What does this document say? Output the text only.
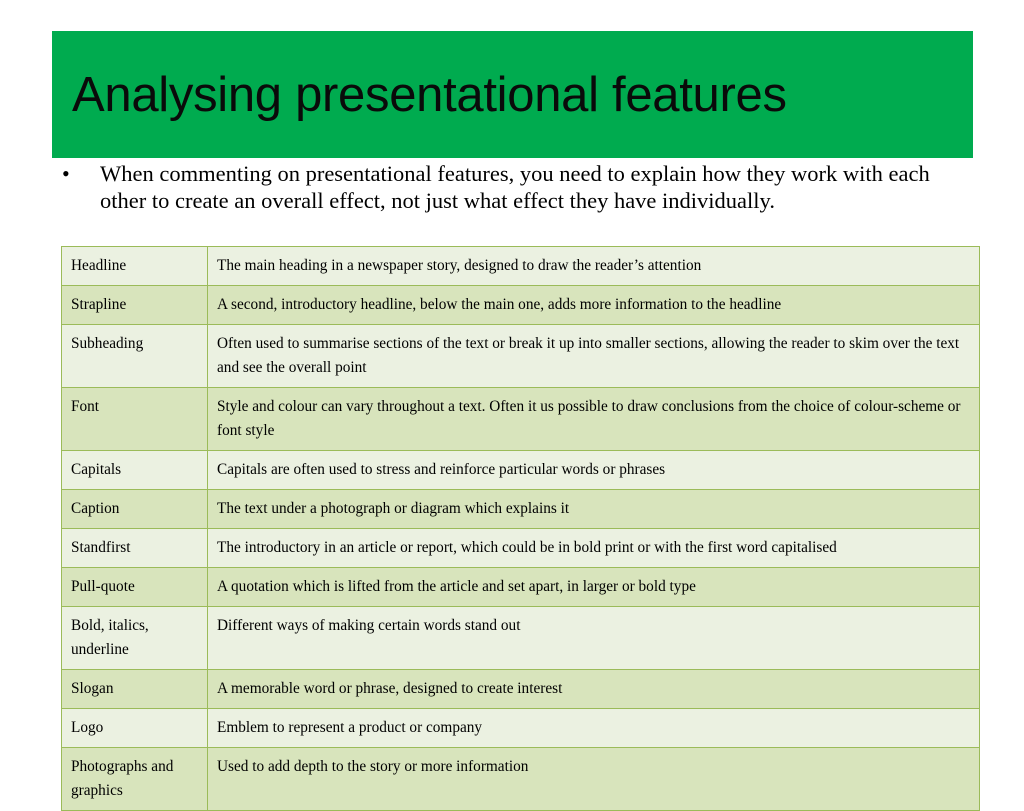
Analysing presentational features
• When commenting on presentational features, you need to explain how they work with each other to create an overall effect, not just what effect they have individually.

Headline	The main heading in a newspaper story, designed to draw the reader’s attention
Strapline	A second, introductory headline, below the main one, adds more information to the headline
Subheading	Often used to summarise sections of the text or break it up into smaller sections, allowing the reader to skim over the text and see the overall point
Font	Style and colour can vary throughout a text. Often it us possible to draw conclusions from the choice of colour-scheme or font style
Capitals	Capitals are often used to stress and reinforce particular words or phrases
Caption	The text under a photograph or diagram which explains it
Standfirst	The introductory in an article or report, which could be in bold print or with the first word capitalised
Pull-quote	A quotation which is lifted from the article and set apart, in larger or bold type
Bold, italics, underline	Different ways of making certain words stand out
Slogan	A memorable word or phrase, designed to create interest
Logo	Emblem to represent a product or company
Photographs and graphics	Used to add depth to the story or more information
